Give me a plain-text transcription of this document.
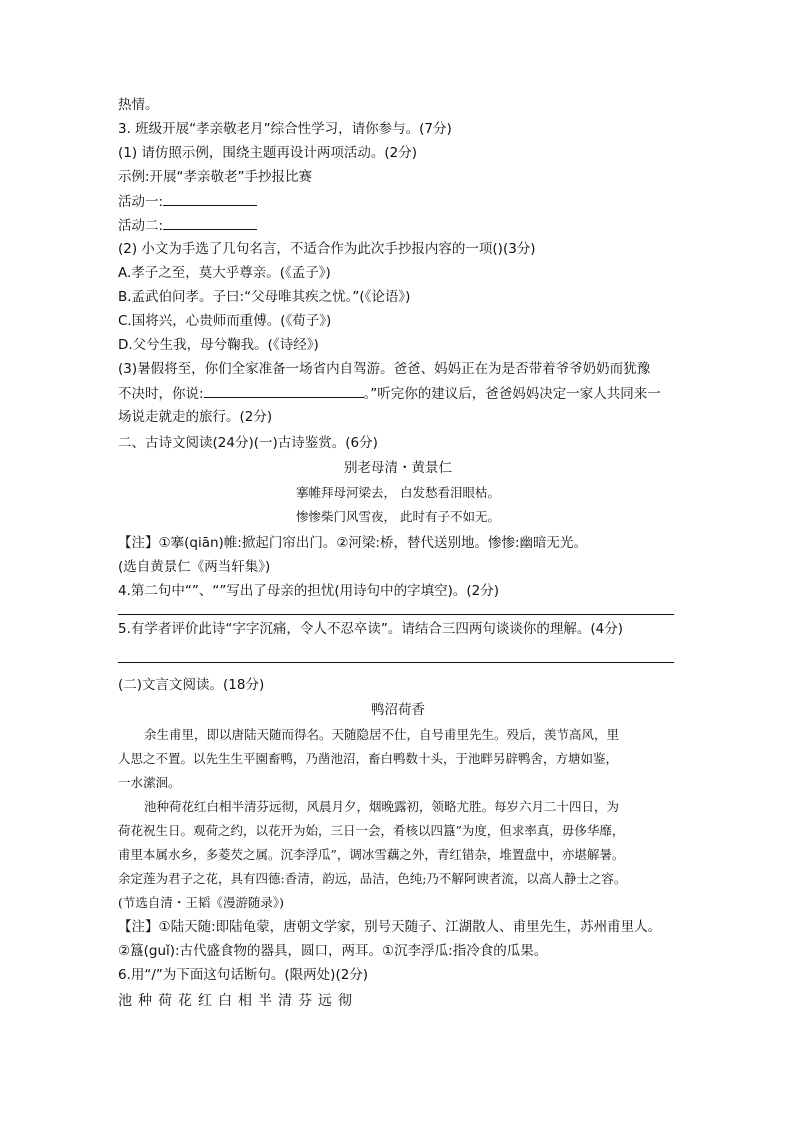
热情。
3. 班级开展“孝亲敬老月”综合性学习，请你参与。(7分)
(1) 请仿照示例，围绕主题再设计两项活动。(2分)
示例:开展“孝亲敬老”手抄报比赛
活动一:
活动二:
(2) 小文为手选了几句名言，不适合作为此次手抄报内容的一项()(3分)
A.孝子之至，莫大乎尊亲。(《孟子》)
B.孟武伯问孝。子曰:“父母唯其疾之忧。”(《论语》)
C.国将兴，心贵师而重傅。(《荀子》)
D.父兮生我，母兮鞠我。(《诗经》)
(3)暑假将至，你们全家准备一场省内自驾游。爸爸、妈妈正在为是否带着爷爷奶奶而犹豫
不决时，你说:	。”听完你的建议后，爸爸妈妈决定一家人共同来一
场说走就走的旅行。(2分)
二、古诗文阅读(24分)(一)古诗鉴赏。(6分)
别老母清・黄景仁
搴帷拜母河梁去， 白发愁看泪眼枯。
惨惨柴门风雪夜， 此时有子不如无。
【注】①搴(qiān)帷:掀起门帘出门。②河梁:桥，替代送别地。惨惨:幽暗无光。
(选自黄景仁《两当轩集》)
4.第二句中“”、“”写出了母亲的担忧(用诗句中的字填空)。(2分)
5.有学者评价此诗“字字沉痛，令人不忍卒读”。请结合三四两句谈谈你的理解。(4分)
(二)文言文阅读。(18分)
鸭沼荷香
余生甫里，即以唐陆天随而得名。天随隐居不仕，自号甫里先生。殁后，羡节高风，里
人思之不置。以先生生平園畜鸭，乃凿池沼，畜白鸭数十头，于池畔另辟鸭舍，方塘如鉴，
一水潆洄。
池种荷花红白相半清芬远彻，风晨月夕，烟晚露初，领略尤胜。每岁六月二十四日，为
荷花祝生日。观荷之约，以花开为始，三日一会，肴核以四簋”为度，但求率真，毋侈华靡，
甫里本属水乡，多菱芡之属。沉李浮瓜”，调冰雪藕之外，青红错杂，堆置盘中，亦堪解暑。
余定莲为君子之花，具有四德:香清，韵远，品洁，色纯;乃不解阿谀者流，以高人静士之容。
(节选自清・王韬《漫游随录》)
【注】①陆天随:即陆龟蒙，唐朝文学家，别号天随子、江湖散人、甫里先生，苏州甫里人。
②簋(guǐ):古代盛食物的器具，圆口，两耳。①沉李浮瓜:指冷食的瓜果。
6.用“/”为下面这句话断句。(限两处)(2分)
池种荷花红白相半清芬远彻
